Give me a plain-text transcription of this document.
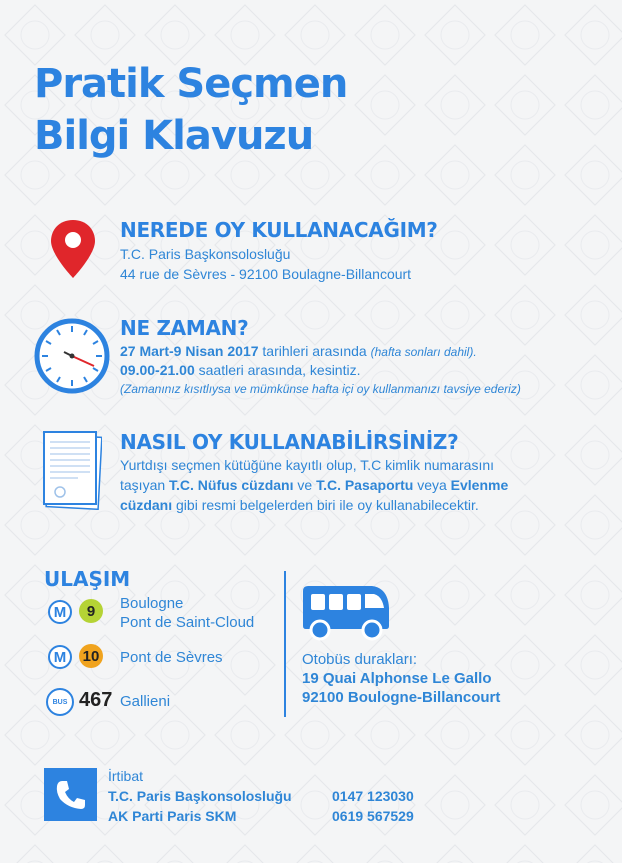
Pratik Seçmen
Bilgi Klavuzu
NEREDE OY KULLANACAĞIM?
T.C. Paris Başkonsolosluğu
44 rue de Sèvres - 92100 Boulagne-Billancourt
NE ZAMAN?
27 Mart-9 Nisan 2017 tarihleri arasında (hafta sonları dahil).
09.00-21.00 saatleri arasında, kesintiz.
(Zamanınız kısıtlıysa ve mümkünse hafta içi oy kullanmanızı tavsiye ederiz)
NASIL OY KULLANABİLİRSİNİZ?
Yurtdışı seçmen kütüğüne kayıtlı olup, T.C kimlik numarasını
taşıyan T.C. Nüfus cüzdanı ve T.C. Pasaportu veya Evlenme
cüzdanı gibi resmi belgelerden biri ile oy kullanabilecektir.
ULAŞIM
M	9	Boulogne
Pont de Saint-Cloud
M	10 Pont de Sèvres
BUS 467 Gallieni
Otobüs durakları:
19 Quai Alphonse Le Gallo
92100 Boulogne-Billancourt
İrtibat
T.C. Paris Başkonsolosluğu	0147 123030
AK Parti Paris SKM	0619 567529
